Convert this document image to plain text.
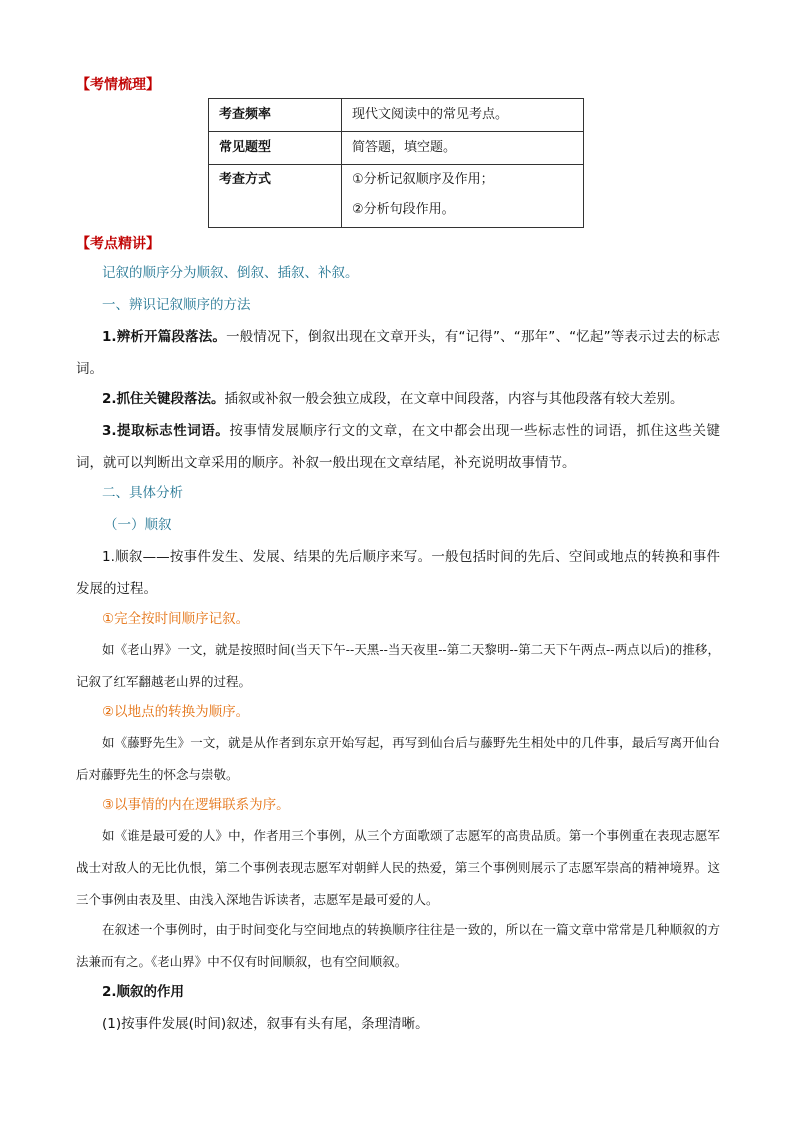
【考情梳理】
考查频率	现代文阅读中的常见考点。
常见题型	简答题，填空题。
考查方式	①分析记叙顺序及作用；
②分析句段作用。
【考点精讲】
记叙的顺序分为顺叙、倒叙、插叙、补叙。
一、辨识记叙顺序的方法
1.辨析开篇段落法。一般情况下，倒叙出现在文章开头，有“记得”、“那年”、“忆起”等表示过去的标志词。
2.抓住关键段落法。插叙或补叙一般会独立成段，在文章中间段落，内容与其他段落有较大差别。
3.提取标志性词语。按事情发展顺序行文的文章，在文中都会出现一些标志性的词语，抓住这些关键词，就可以判断出文章采用的顺序。补叙一般出现在文章结尾，补充说明故事情节。
二、具体分析
（一）顺叙
1.顺叙——按事件发生、发展、结果的先后顺序来写。一般包括时间的先后、空间或地点的转换和事件发展的过程。
①完全按时间顺序记叙。
如《老山界》一文，就是按照时间(当天下午--天黑--当天夜里--第二天黎明--第二天下午两点--两点以后)的推移，记叙了红军翻越老山界的过程。
②以地点的转换为顺序。
如《藤野先生》一文，就是从作者到东京开始写起，再写到仙台后与藤野先生相处中的几件事，最后写离开仙台后对藤野先生的怀念与崇敬。
③以事情的内在逻辑联系为序。
如《谁是最可爱的人》中，作者用三个事例，从三个方面歌颂了志愿军的高贵品质。第一个事例重在表现志愿军战士对敌人的无比仇恨，第二个事例表现志愿军对朝鲜人民的热爱，第三个事例则展示了志愿军崇高的精神境界。这三个事例由表及里、由浅入深地告诉读者，志愿军是最可爱的人。
在叙述一个事例时，由于时间变化与空间地点的转换顺序往往是一致的，所以在一篇文章中常常是几种顺叙的方法兼而有之。《老山界》中不仅有时间顺叙，也有空间顺叙。
2.顺叙的作用
(1)按事件发展(时间)叙述，叙事有头有尾，条理清晰。
